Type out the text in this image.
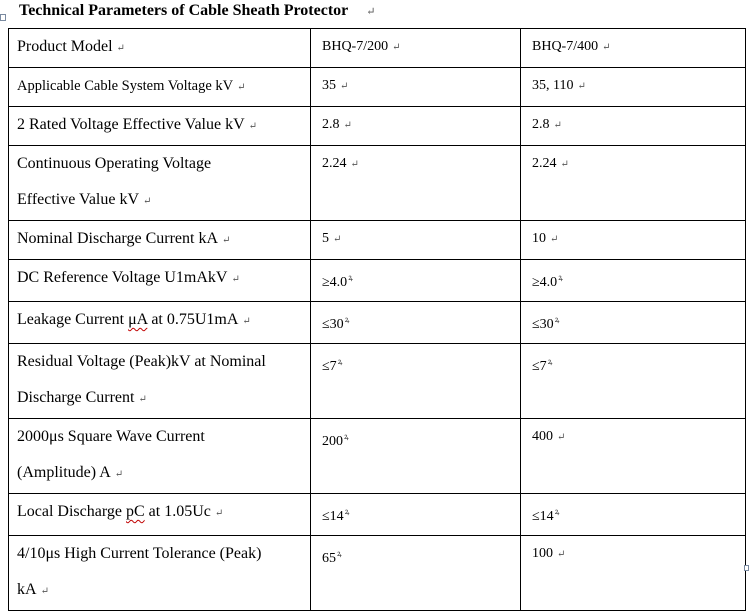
Technical Parameters of Cable Sheath Protector ↵
Product Model ↵	BHQ-7/200 ↵	BHQ-7/400 ↵
Applicable Cable System Voltage kV ↵	35 ↵	35, 110 ↵
2 Rated Voltage Effective Value kV ↵	2.8 ↵	2.8 ↵
Continuous Operating Voltage
Effective Value kV ↵	2.24 ↵	2.24 ↵
Nominal Discharge Current kA ↵	5 ↵	10 ↵
DC Reference Voltage U1mAkV ↵	$\ge 4.0^ꝝ$	$\ge 4.0^ꝝ$
Leakage Current μA at 0.75U1mA ↵	$\le 30^ꝝ$	$\le 30^ꝝ$
Residual Voltage (Peak)kV at Nominal
Discharge Current ↵	$\le 7^ꝝ$	$\le 7^ꝝ$
2000μs Square Wave Current
(Amplitude) A ↵	$200^ꝝ$	400 ↵
Local Discharge pC at 1.05Uc ↵	$\le 14^ꝝ$	$\le 14^ꝝ$
4/10μs High Current Tolerance (Peak)
kA ↵	$65^ꝝ$	100 ↵
